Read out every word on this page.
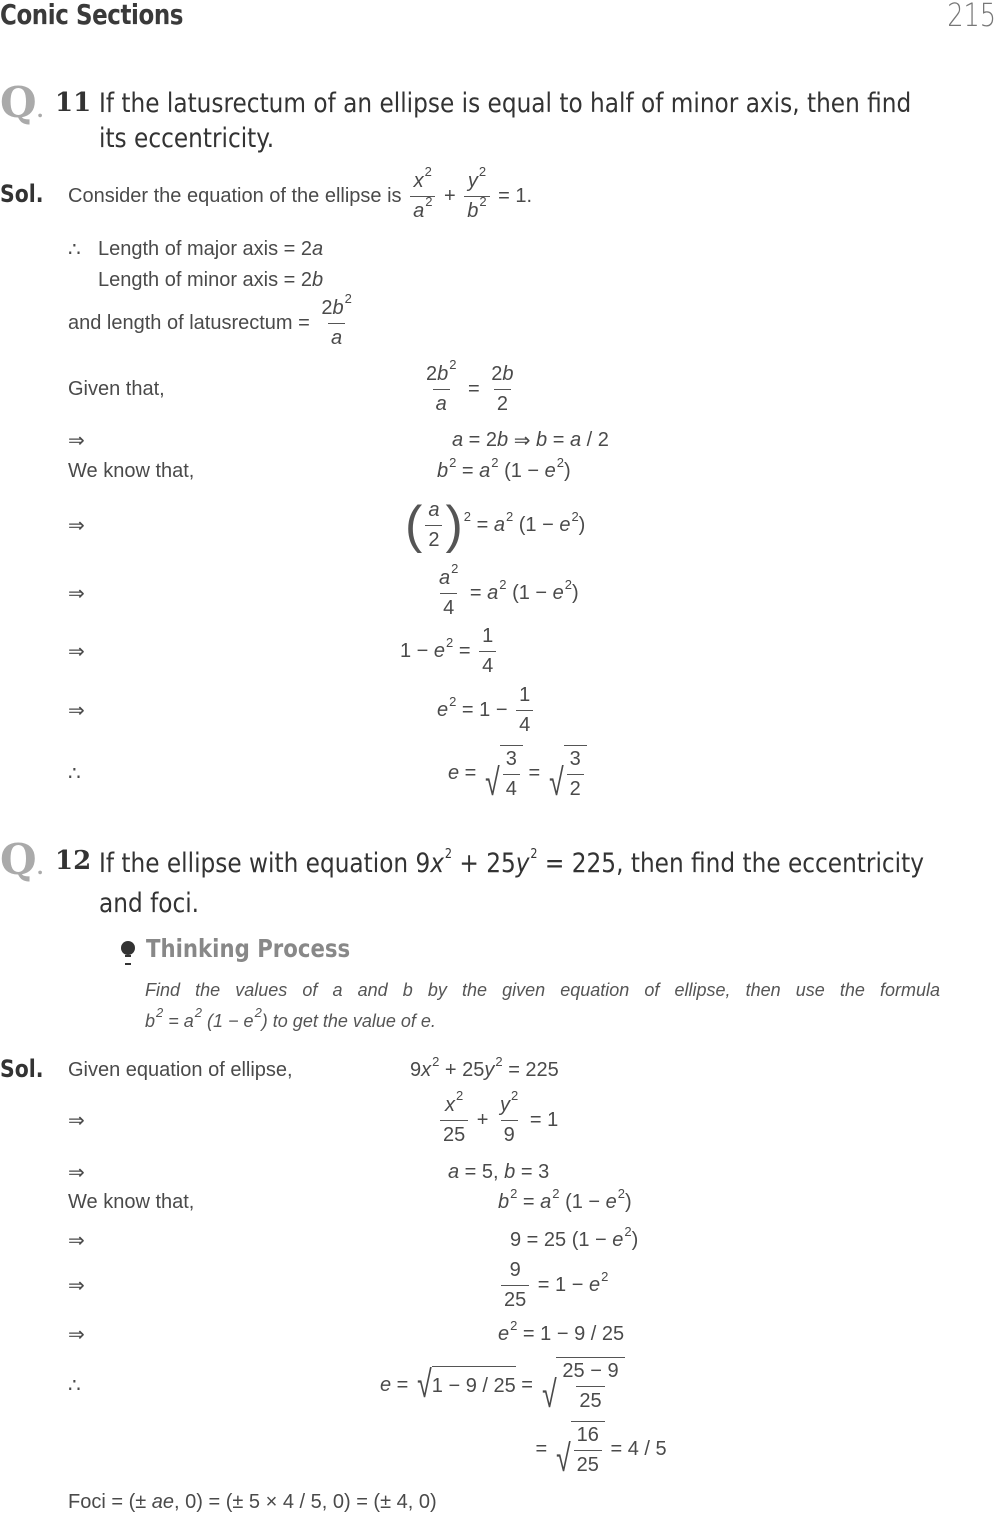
Conic Sections	215
Q. 11 If the latusrectum of an ellipse is equal to half of minor axis, then find
its eccentricity.
Sol. Consider the equation of the ellipse is $\frac{x 2}{a 2} + \frac{y 2}{b 2} = 1$.
∴ Length of major axis = 2 a
Length of minor axis = 2 b
and length of latusrectum = $\frac{2 b 2}{a}$
Given that,	$\frac{2 b 2}{a} = \frac{2 b}{2}$
⇒	a = 2 b ⇒ b = a / 2
We know that,	b 2 = a 2 (1 − e 2 )
⇒	( $\frac{a}{2}$ ) 2 = a 2 (1 − e 2 )
⇒	$\frac{a 2}{4} = a$ 2 (1 − e 2 )
⇒	1 − e $2 = \frac{1}{4}$
⇒	e $2 = 1 - \frac{1}{4}$
∴	e = √ $\frac{3}{4}$ = √ $\frac{3}{2}$
Q. 12 If the ellipse with equation 9 x 2 + 25 y 2 = 225 , then find the eccentricity
and foci.
Thinking Process
Find the values of a and b by the given equation of ellipse, then use the formula
b 2 = a 2 (1 − e 2 ) to get the value of e.
Sol. Given equation of ellipse,	9 x 2 + 25 y 2 = 225
⇒	$\frac{x 2}{25} + \frac{y 2}{9} = 1$
⇒	a = 5, b = 3
We know that,	b 2 = a 2 (1 − e 2 )
⇒	9 = 25 (1 − e 2 )
⇒	$\frac{9}{25} = 1 - e$ 2
⇒	e 2 = 1 − 9 / 25
∴	e = √ 1 − 9 / 25 = √ $\frac{25 - 9}{25}$
= √ $\frac{16}{25} = 4 / 5$
Foci = (± ae , 0) = (± 5 × 4 / 5, 0) = (± 4, 0)
